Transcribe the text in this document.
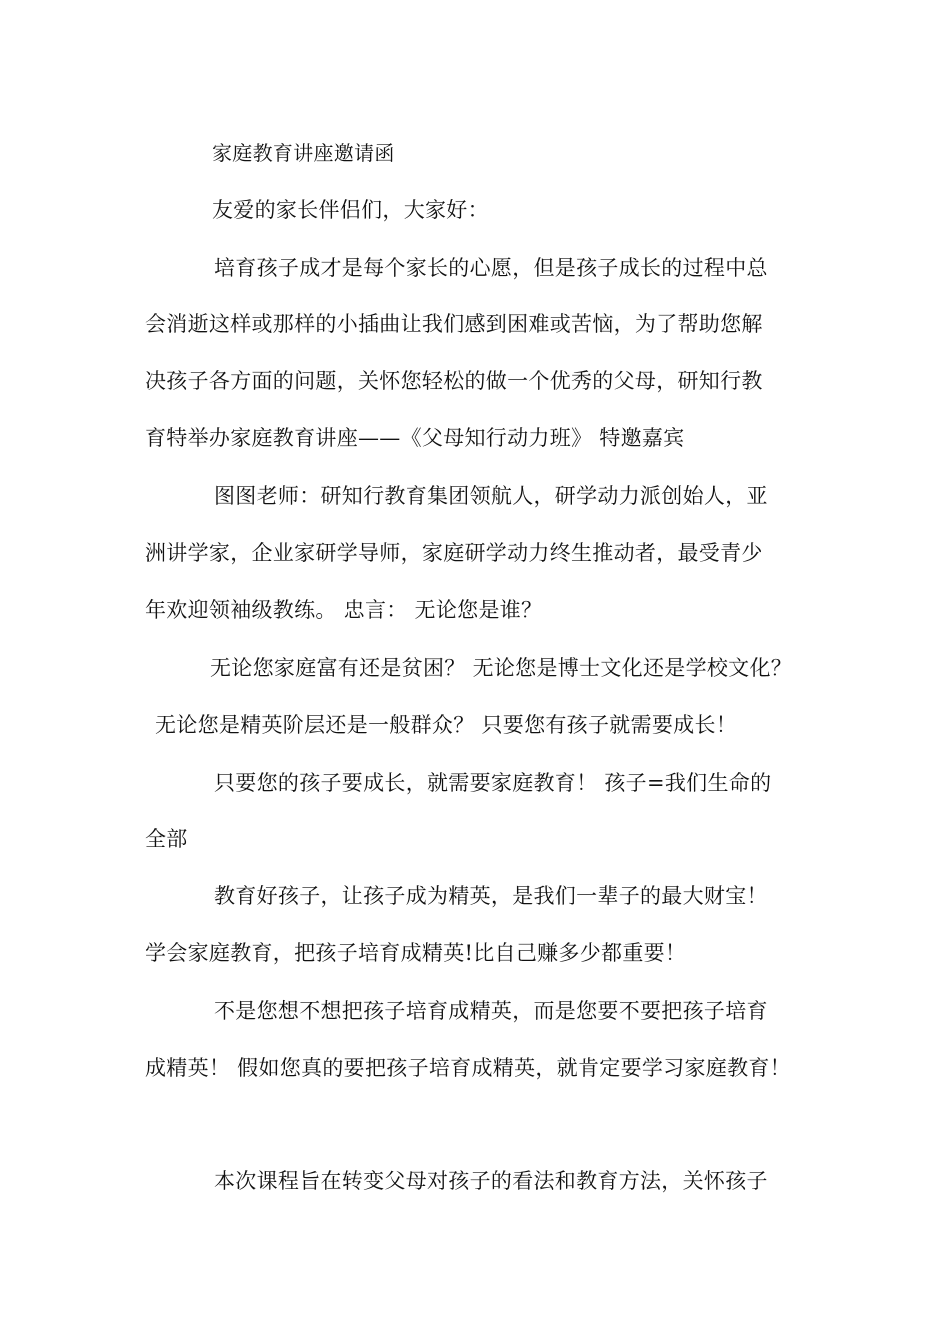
家庭教育讲座邀请函
友爱的家长伴侣们，大家好：
培育孩子成才是每个家长的心愿，但是孩子成长的过程中总
会消逝这样或那样的小插曲让我们感到困难或苦恼，为了帮助您解
决孩子各方面的问题，关怀您轻松的做一个优秀的父母，研知行教
育特举办家庭教育讲座——《父母知行动力班》 特邀嘉宾
图图老师：研知行教育集团领航人，研学动力派创始人，亚
洲讲学家，企业家研学导师，家庭研学动力终生推动者，最受青少
年欢迎领袖级教练。 忠言： 无论您是谁？
无论您家庭富有还是贫困？ 无论您是博士文化还是学校文化？
无论您是精英阶层还是一般群众？ 只要您有孩子就需要成长！
只要您的孩子要成长，就需要家庭教育！ 孩子=我们生命的
全部
教育好孩子，让孩子成为精英，是我们一辈子的最大财宝！
学会家庭教育，把孩子培育成精英!比自己赚多少都重要！
不是您想不想把孩子培育成精英，而是您要不要把孩子培育
成精英！ 假如您真的要把孩子培育成精英，就肯定要学习家庭教育！
本次课程旨在转变父母对孩子的看法和教育方法，关怀孩子
